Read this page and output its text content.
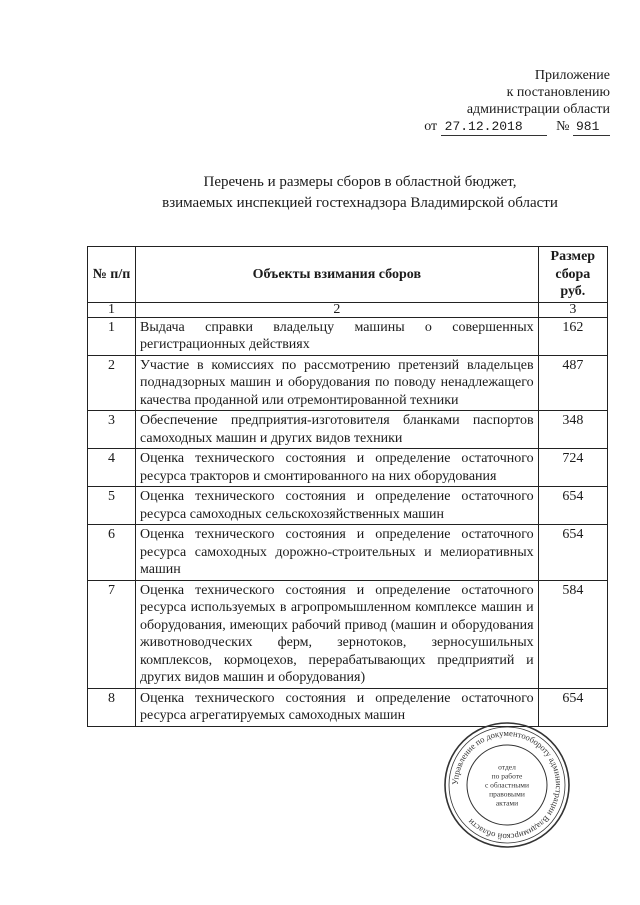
Приложение
к постановлению
администрации области
от 27.12.2018 № 981
Перечень и размеры сборов в областной бюджет,
взимаемых инспекцией гостехнадзора Владимирской области
№ п/п	Объекты взимания сборов	Размер сбора руб.
1	2	3
1	Выдача справки владельцу машины о совершенных регистрационных действиях	162
2	Участие в комиссиях по рассмотрению претензий владельцев поднадзорных машин и оборудования по поводу ненадлежащего качества проданной или отремонтированной техники	487
3	Обеспечение предприятия-изготовителя бланками паспортов самоходных машин и других видов техники	348
4	Оценка технического состояния и определение остаточного ресурса тракторов и смонтированного на них оборудования	724
5	Оценка технического состояния и определение остаточного ресурса самоходных сельскохозяйственных машин	654
6	Оценка технического состояния и определение остаточного ресурса самоходных дорожно-строительных и мелиоративных машин	654
7	Оценка технического состояния и определение остаточного ресурса используемых в агропромышленном комплексе машин и оборудования, имеющих рабочий привод (машин и оборудования животноводческих ферм, зернотоков, зерносушильных комплексов, кормоцехов, перерабатывающих предприятий и других видов машин и оборудования)	584
8	Оценка технического состояния и определение остаточного ресурса агрегатируемых самоходных машин	654
Управление по документообороту администрации Владимирской области
отдел
по работе
с областными
правовыми
актами
